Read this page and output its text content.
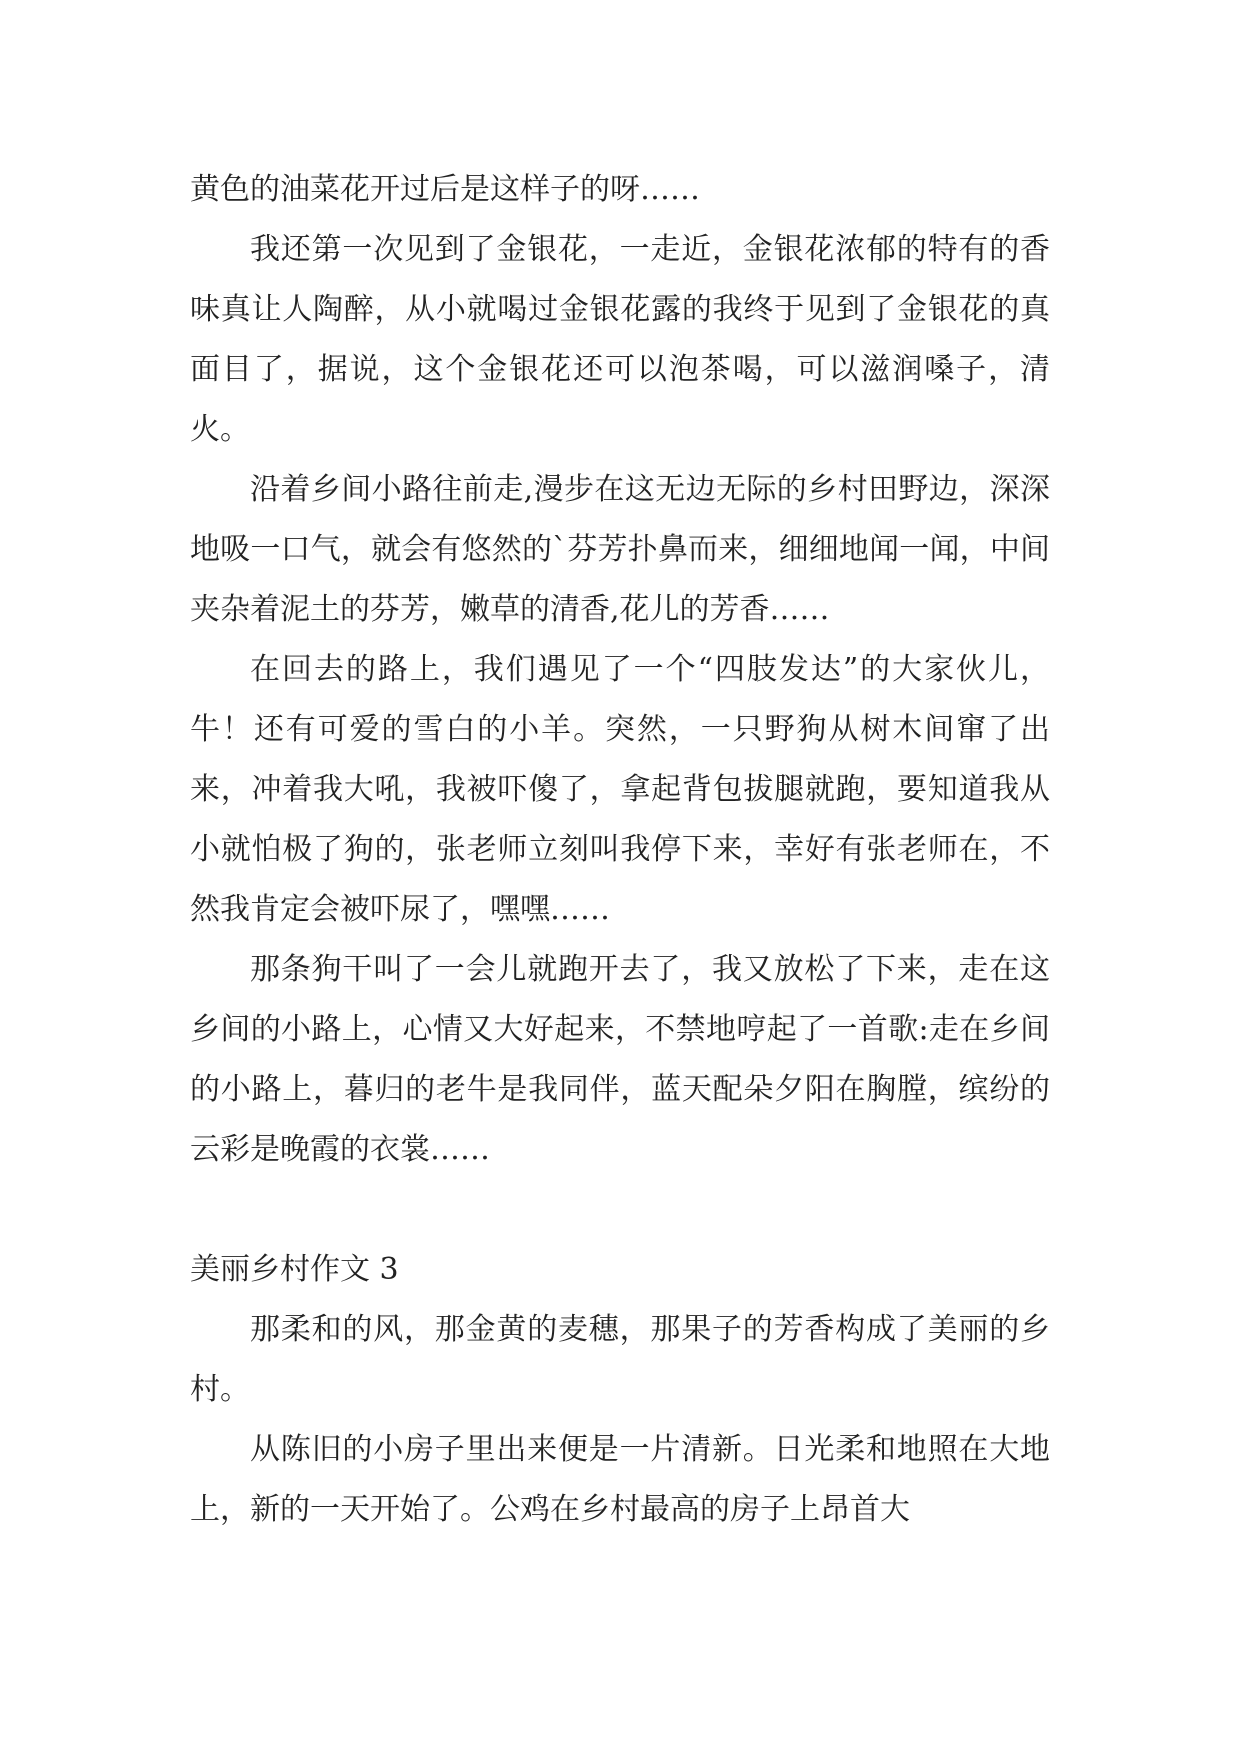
黄色的油菜花开过后是这样子的呀……

我还第一次见到了金银花，一走近，金银花浓郁的特有的香味真让人陶醉，从小就喝过金银花露的我终于见到了金银花的真面目了，据说，这个金银花还可以泡茶喝，可以滋润嗓子，清火。

沿着乡间小路往前走,漫步在这无边无际的乡村田野边，深深地吸一口气，就会有悠然的`芬芳扑鼻而来，细细地闻一闻，中间夹杂着泥土的芬芳，嫩草的清香,花儿的芳香……

在回去的路上，我们遇见了一个“四肢发达”的大家伙儿，牛！还有可爱的雪白的小羊。突然，一只野狗从树木间窜了出来，冲着我大吼，我被吓傻了，拿起背包拔腿就跑，要知道我从小就怕极了狗的，张老师立刻叫我停下来，幸好有张老师在，不然我肯定会被吓尿了，嘿嘿……

那条狗干叫了一会儿就跑开去了，我又放松了下来，走在这乡间的小路上，心情又大好起来，不禁地哼起了一首歌:走在乡间的小路上，暮归的老牛是我同伴，蓝天配朵夕阳在胸膛，缤纷的云彩是晚霞的衣裳……

美丽乡村作文 3

那柔和的风，那金黄的麦穗，那果子的芳香构成了美丽的乡村。

从陈旧的小房子里出来便是一片清新。日光柔和地照在大地上，新的一天开始了。公鸡在乡村最高的房子上昂首大
